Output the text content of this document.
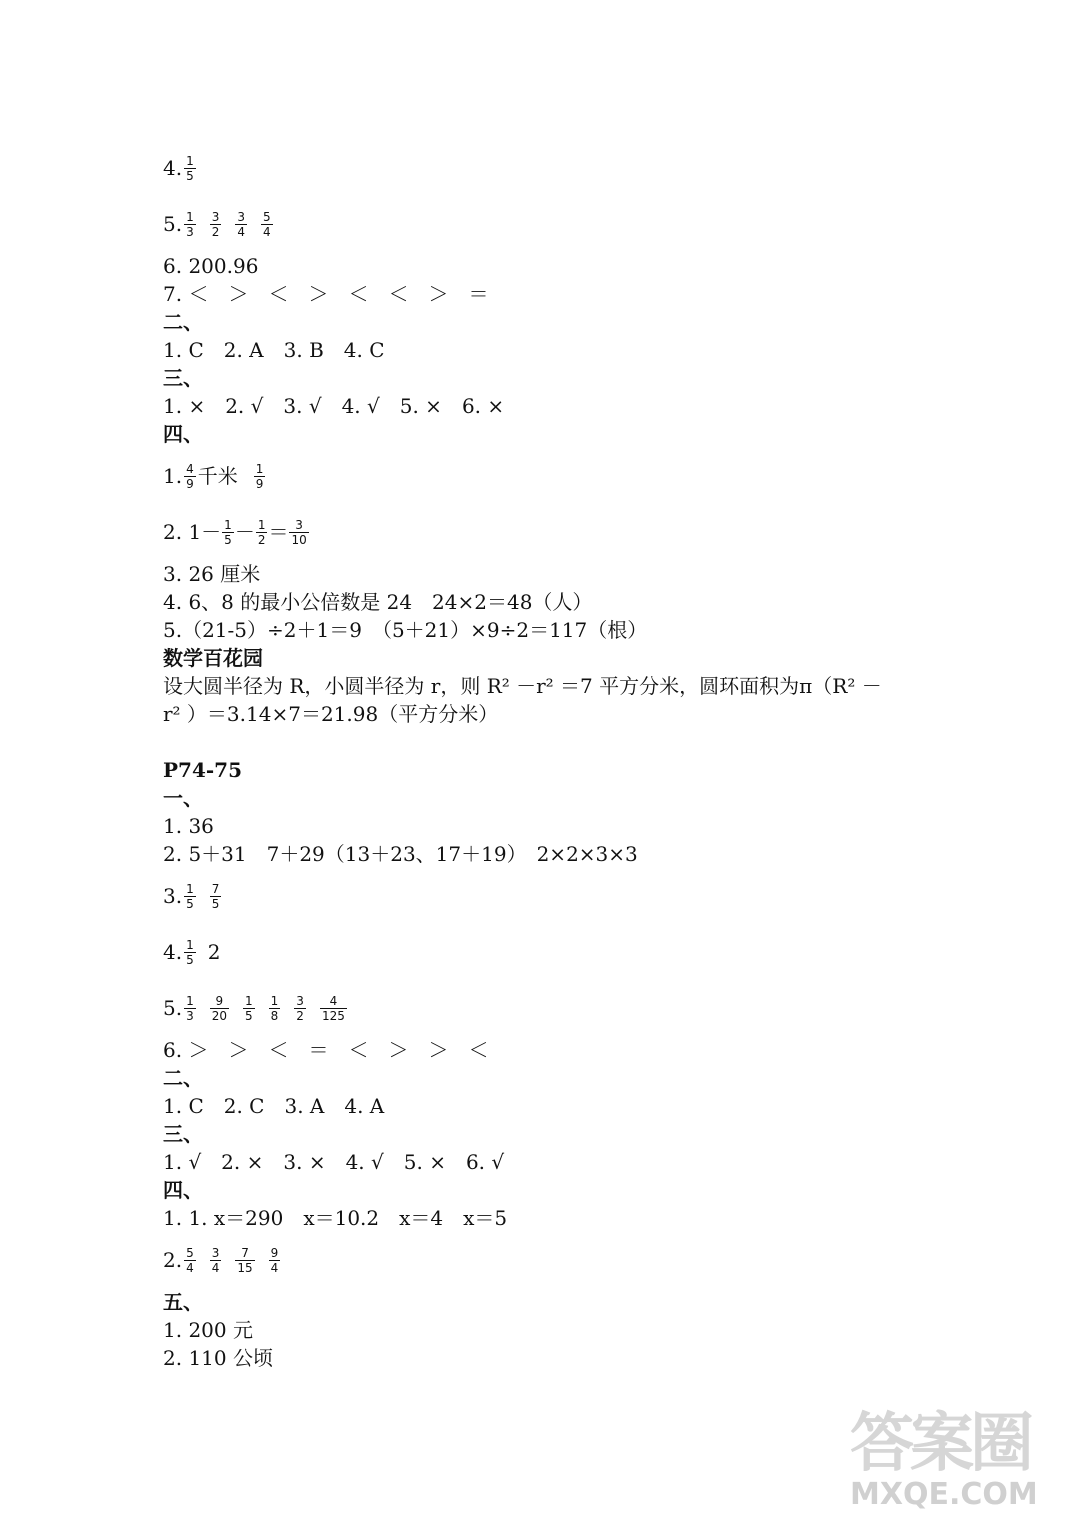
4. $\frac{1}{5}$
5. $\frac{1}{3} \frac{3}{2} \frac{3}{4} \frac{5}{4}$
6. 200.96
7. ＜　＞　＜　＞　＜　＜　＞　＝
二、
1. C　2. A　3. B　4. C
三、
1. ×　2. √　3. √　4. √　5. ×　6. ×
四、
1. $\frac{4}{9}$ 千米 $\frac{1}{9}$
2. $1- \frac{1}{5} - \frac{1}{2} = \frac{3}{10}$
3. 26 厘米
4. 6、8 的最小公倍数是 24　24×2＝48（人）
5.（21-5）÷2＋1＝9　（5＋21）×9÷2＝117（根）
数学百花园
设大圆半径为 R，小圆半径为 r，则 R² －r² ＝7 平方分米，圆环面积为π（R² －
r² ）＝3.14×7＝21.98（平方分米）
P74-75
一、
1. 36
2. 5＋31　7＋29（13＋23、17＋19）　2×2×3×3
3. $\frac{1}{5} \frac{7}{5}$
4. $\frac{1}{5} 2$
5. $\frac{1}{3} \frac{9}{20} \frac{1}{5} \frac{1}{8} \frac{3}{2} \frac{4}{125}$
6. ＞　＞　＜　＝　＜　＞　＞　＜
二、
1. C　2. C　3. A　4. A
三、
1. √　2. ×　3. ×　4. √　5. ×　6. √
四、
1. 1. x＝290　x＝10.2　x＝4　x＝5
2. $\frac{5}{4} \frac{3}{4} \frac{7}{15} \frac{9}{4}$
五、
1. 200 元
2. 110 公顷
答案圈
MXQE.COM
